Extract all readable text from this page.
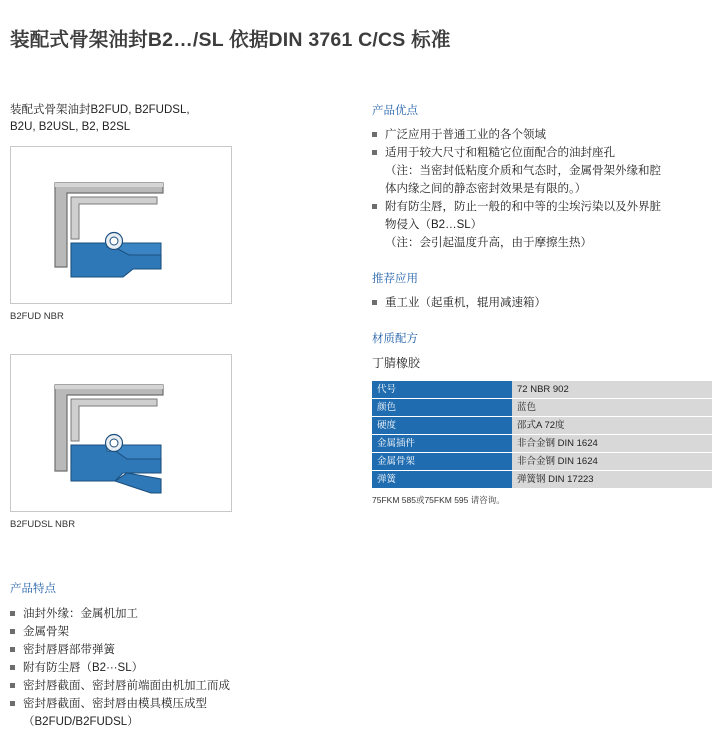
装配式骨架油封B2…/SL 依据DIN 3761 C/CS 标准
装配式骨架油封B2FUD, B2FUDSL,
B2U, B2USL, B2, B2SL
B2FUD NBR
B2FUDSL NBR
产品特点
油封外缘：金属机加工
金属骨架
密封唇唇部带弹簧
附有防尘唇（B2···SL）
密封唇截面、密封唇前端面由机加工而成
密封唇截面、密封唇由模具模压成型
（B2FUD/B2FUDSL）
产品优点
广泛应用于普通工业的各个领域
适用于较大尺寸和粗糙它位面配合的油封座孔
（注：当密封低粘度介质和气态时，金属骨架外缘和腔
体内缘之间的静态密封效果是有限的。）
附有防尘唇，防止一般的和中等的尘埃污染以及外界脏
物侵入（B2…SL）
（注：会引起温度升高，由于摩擦生热）
推荐应用
重工业（起重机，辊用减速箱）
材质配方
丁腈橡胶
代号	72 NBR 902
颜色	蓝色
硬度	邵式A 72度
金属插件	非合金钢 DIN 1624
金属骨架	非合金钢 DIN 1624
弹簧	弹簧钢 DIN 17223
75FKM 585或75FKM 595 请咨询。
